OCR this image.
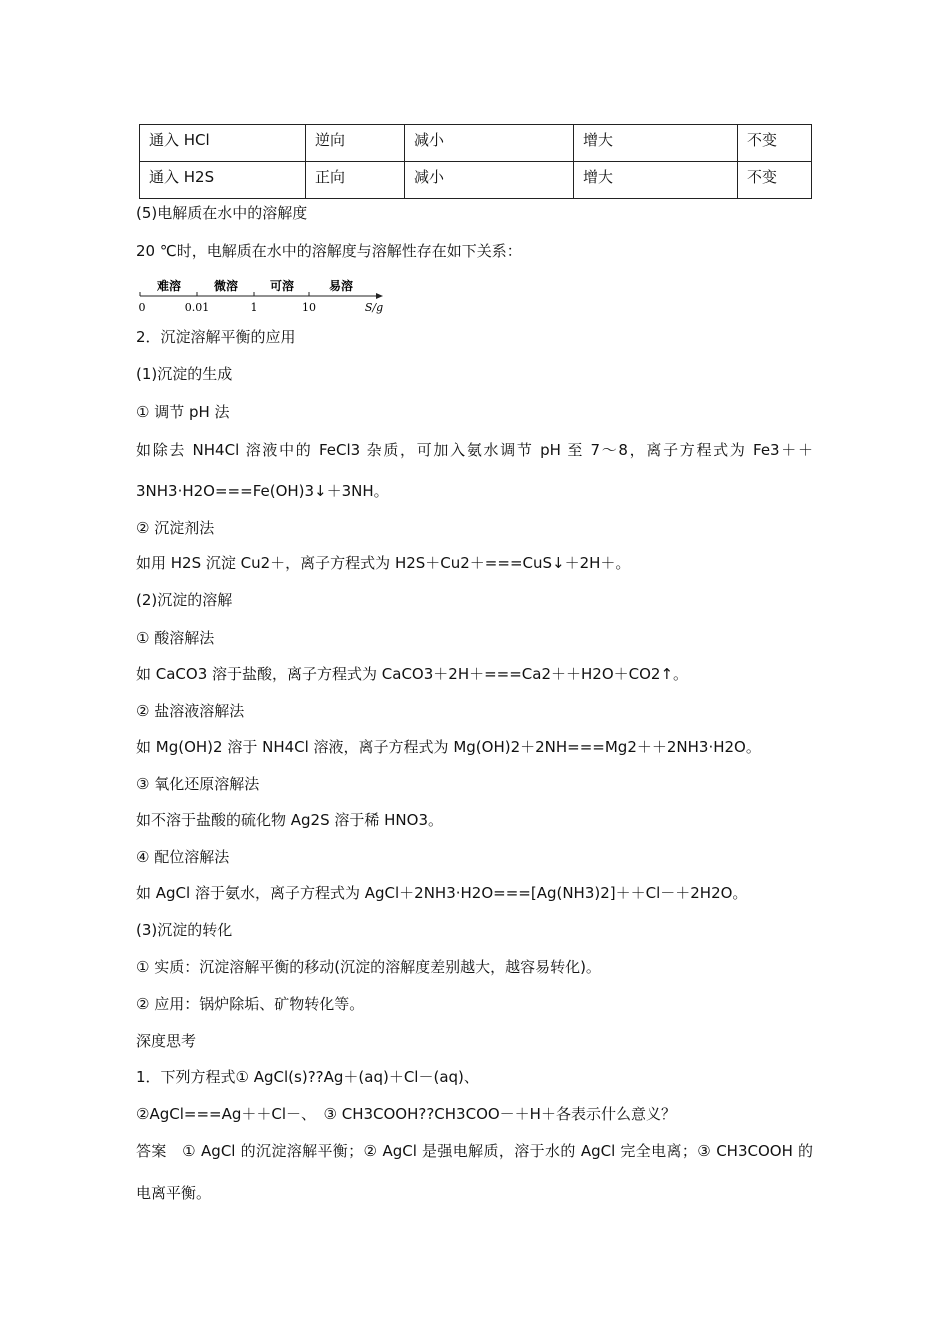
通入 HCl	逆向	减小	增大	不变
通入 H2S	正向	减小	增大	不变
(5)电解质在水中的溶解度
20 ℃时，电解质在水中的溶解度与溶解性存在如下关系：
难溶	微溶	可溶	易溶
0	0.01	1	10	S/g
2．沉淀溶解平衡的应用
(1)沉淀的生成
① 调节 pH 法
如除去 NH4Cl 溶液中的 FeCl3 杂质，可加入氨水调节 pH 至 7～8，离子方程式为 Fe3＋＋
3NH3·H2O===Fe(OH)3↓＋3NH。
② 沉淀剂法
如用 H2S 沉淀 Cu2＋，离子方程式为 H2S＋Cu2＋===CuS↓＋2H＋。
(2)沉淀的溶解
① 酸溶解法
如 CaCO3 溶于盐酸，离子方程式为 CaCO3＋2H＋===Ca2＋＋H2O＋CO2↑。
② 盐溶液溶解法
如 Mg(OH)2 溶于 NH4Cl 溶液，离子方程式为 Mg(OH)2＋2NH===Mg2＋＋2NH3·H2O。
③ 氧化还原溶解法
如不溶于盐酸的硫化物 Ag2S 溶于稀 HNO3。
④ 配位溶解法
如 AgCl 溶于氨水，离子方程式为 AgCl＋2NH3·H2O===[Ag(NH3)2]＋＋Cl－＋2H2O。
(3)沉淀的转化
① 实质：沉淀溶解平衡的移动(沉淀的溶解度差别越大，越容易转化)。
② 应用：锅炉除垢、矿物转化等。
深度思考
1．下列方程式① AgCl(s)??Ag＋(aq)＋Cl－(aq)、
②AgCl===Ag＋＋Cl－、　③ CH3COOH??CH3COO－＋H＋各表示什么意义？
答案　① AgCl 的沉淀溶解平衡；② AgCl 是强电解质，溶于水的 AgCl 完全电离；③ CH3COOH 的
电离平衡。
